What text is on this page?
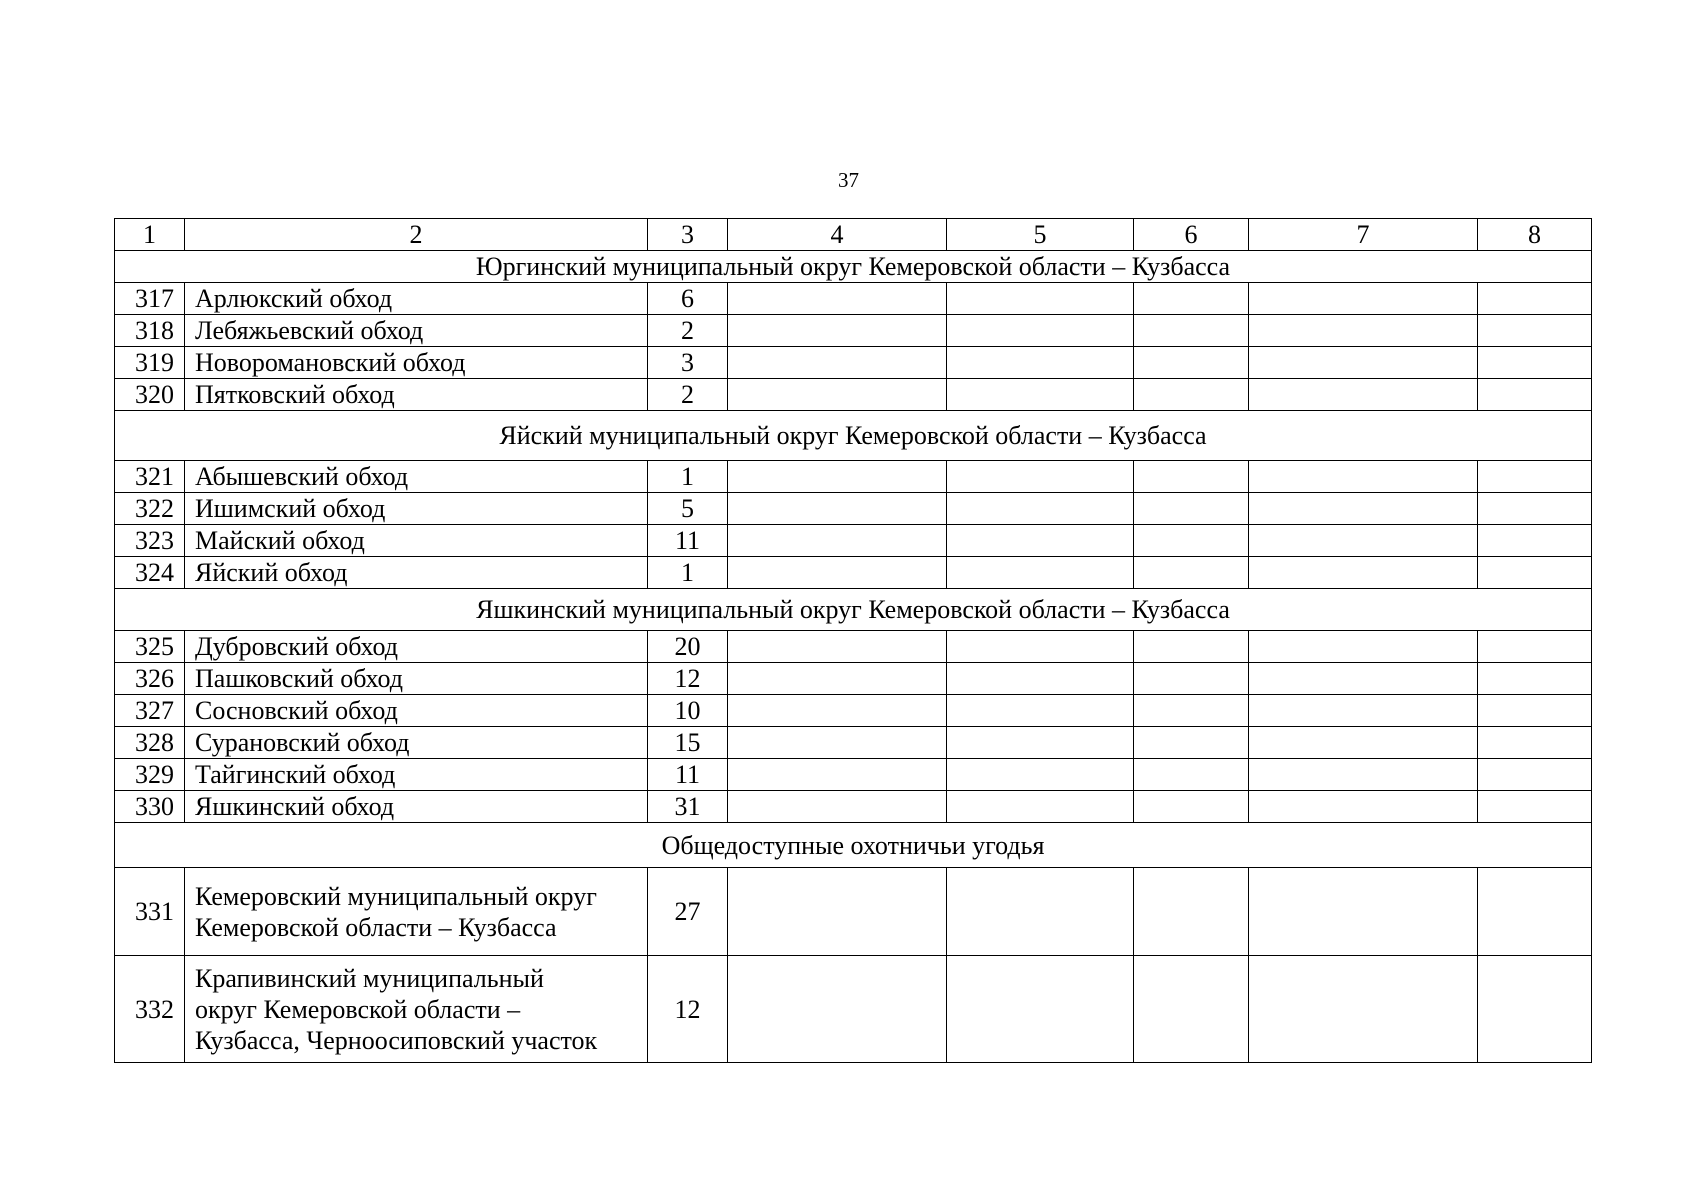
37
1	2	3	4	5	6	7	8
Юргинский муниципальный округ Кемеровской области – Кузбасса							
317	Арлюкский обход	6					
318	Лебяжьевский обход	2					
319	Новоромановский обход	3					
320	Пятковский обход	2					
Яйский муниципальный округ Кемеровской области – Кузбасса							
321	Абышевский обход	1					
322	Ишимский обход	5					
323	Майский обход	11					
324	Яйский обход	1					
Яшкинский муниципальный округ Кемеровской области – Кузбасса							
325	Дубровский обход	20					
326	Пашковский обход	12					
327	Сосновский обход	10					
328	Сурановский обход	15					
329	Тайгинский обход	11					
330	Яшкинский обход	31					
Общедоступные охотничьи угодья							
331	Кемеровский муниципальный округ
Кемеровской области – Кузбасса	27					
332	Крапивинский муниципальный
округ Кемеровской области –
Кузбасса, Черноосиповский участок	12					
